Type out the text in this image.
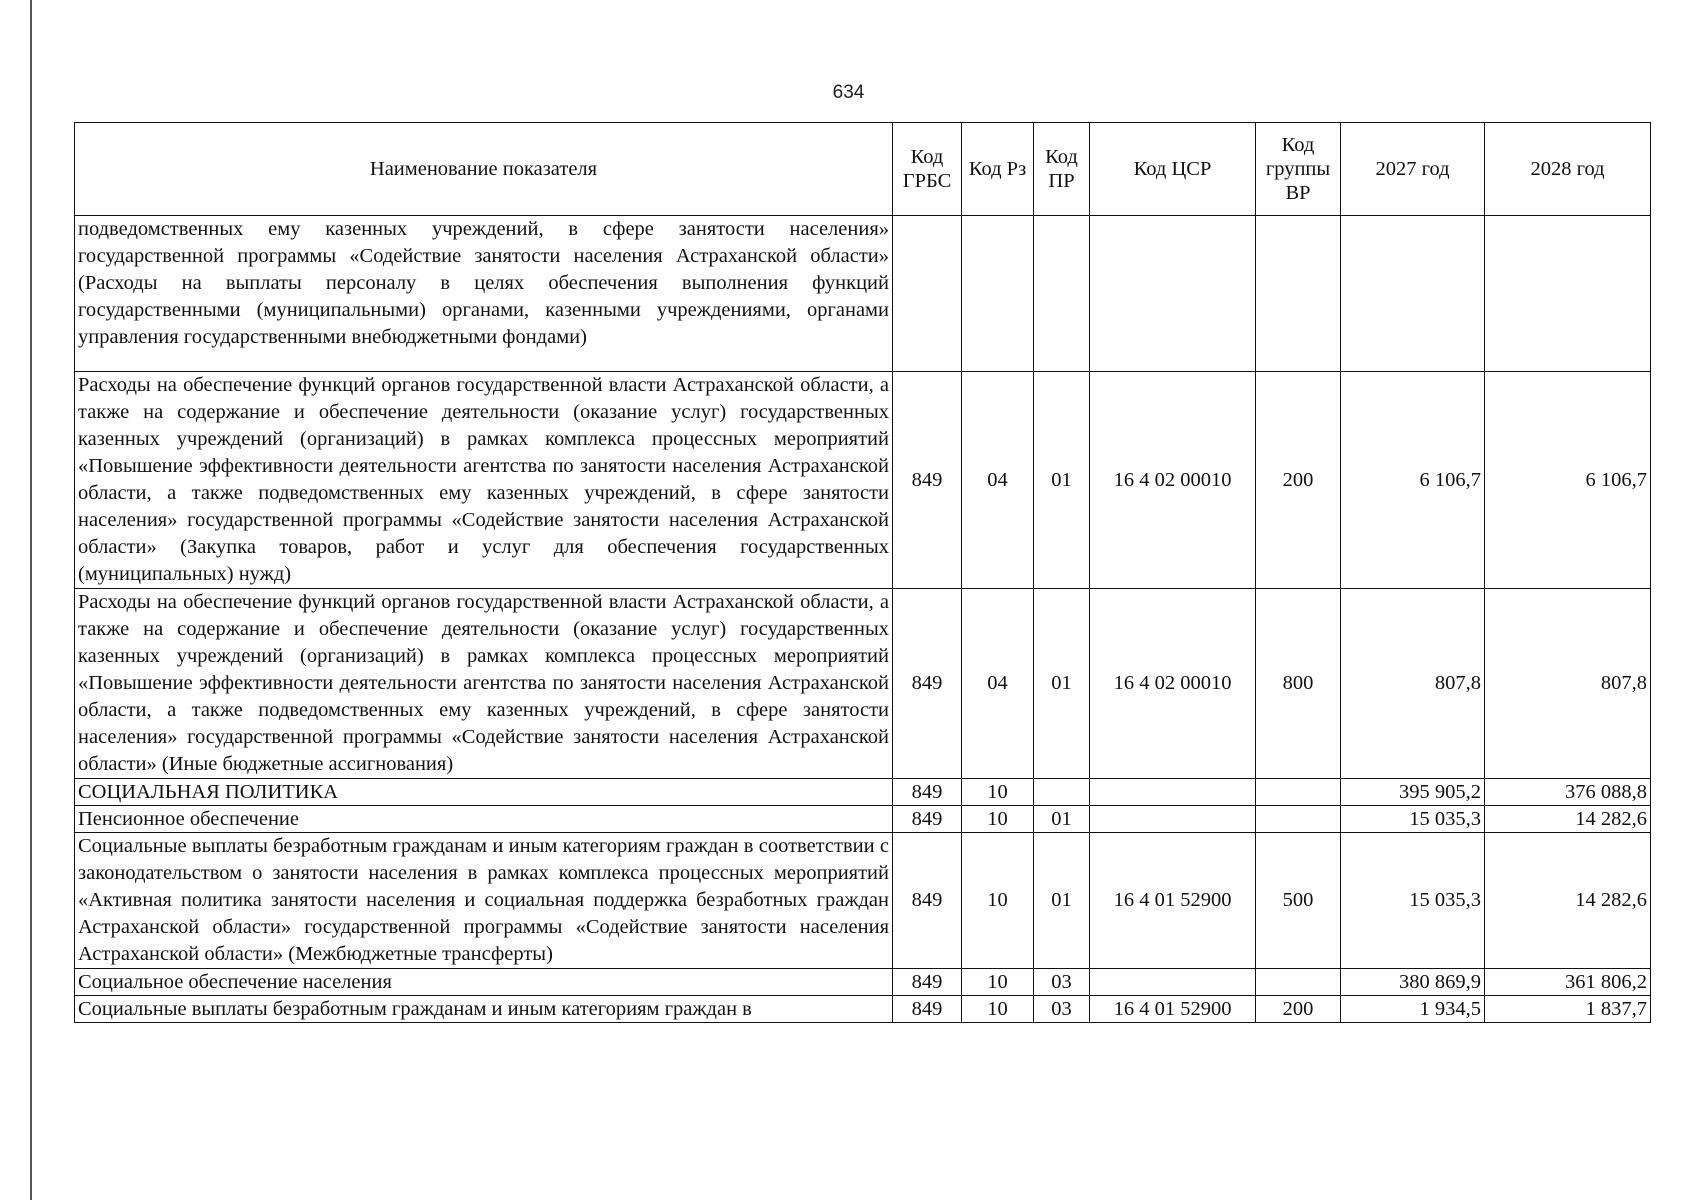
634
Наименование показателя	Код ГРБС	Код Рз	Код ПР	Код ЦСР	Код группы ВР	2027 год	2028 год
подведомственных ему казенных учреждений, в сфере занятости населения» государственной программы «Содействие занятости населения Астраханской области» (Расходы на выплаты персоналу в целях обеспечения выполнения функций государственными (муниципальными) органами, казенными учреждениями, органами управления государственными внебюджетными фондами)							
Расходы на обеспечение функций органов государственной власти Астраханской области, а также на содержание и обеспечение деятельности (оказание услуг) государственных казенных учреждений (организаций) в рамках комплекса процессных мероприятий «Повышение эффективности деятельности агентства по занятости населения Астраханской области, а также подведомственных ему казенных учреждений, в сфере занятости населения» государственной программы «Содействие занятости населения Астраханской области» (Закупка товаров, работ и услуг для обеспечения государственных (муниципальных) нужд)	849	04	01	16 4 02 00010	200	6 106,7	6 106,7
Расходы на обеспечение функций органов государственной власти Астраханской области, а также на содержание и обеспечение деятельности (оказание услуг) государственных казенных учреждений (организаций) в рамках комплекса процессных мероприятий «Повышение эффективности деятельности агентства по занятости населения Астраханской области, а также подведомственных ему казенных учреждений, в сфере занятости населения» государственной программы «Содействие занятости населения Астраханской области» (Иные бюджетные ассигнования)	849	04	01	16 4 02 00010	800	807,8	807,8
СОЦИАЛЬНАЯ ПОЛИТИКА	849	10				395 905,2	376 088,8
Пенсионное обеспечение	849	10	01			15 035,3	14 282,6
Социальные выплаты безработным гражданам и иным категориям граждан в соответствии с законодательством о занятости населения в рамках комплекса процессных мероприятий «Активная политика занятости населения и социальная поддержка безработных граждан Астраханской области» государственной программы «Содействие занятости населения Астраханской области» (Межбюджетные трансферты)	849	10	01	16 4 01 52900	500	15 035,3	14 282,6
Социальное обеспечение населения	849	10	03			380 869,9	361 806,2
Социальные выплаты безработным гражданам и иным категориям граждан в	849	10	03	16 4 01 52900	200	1 934,5	1 837,7
